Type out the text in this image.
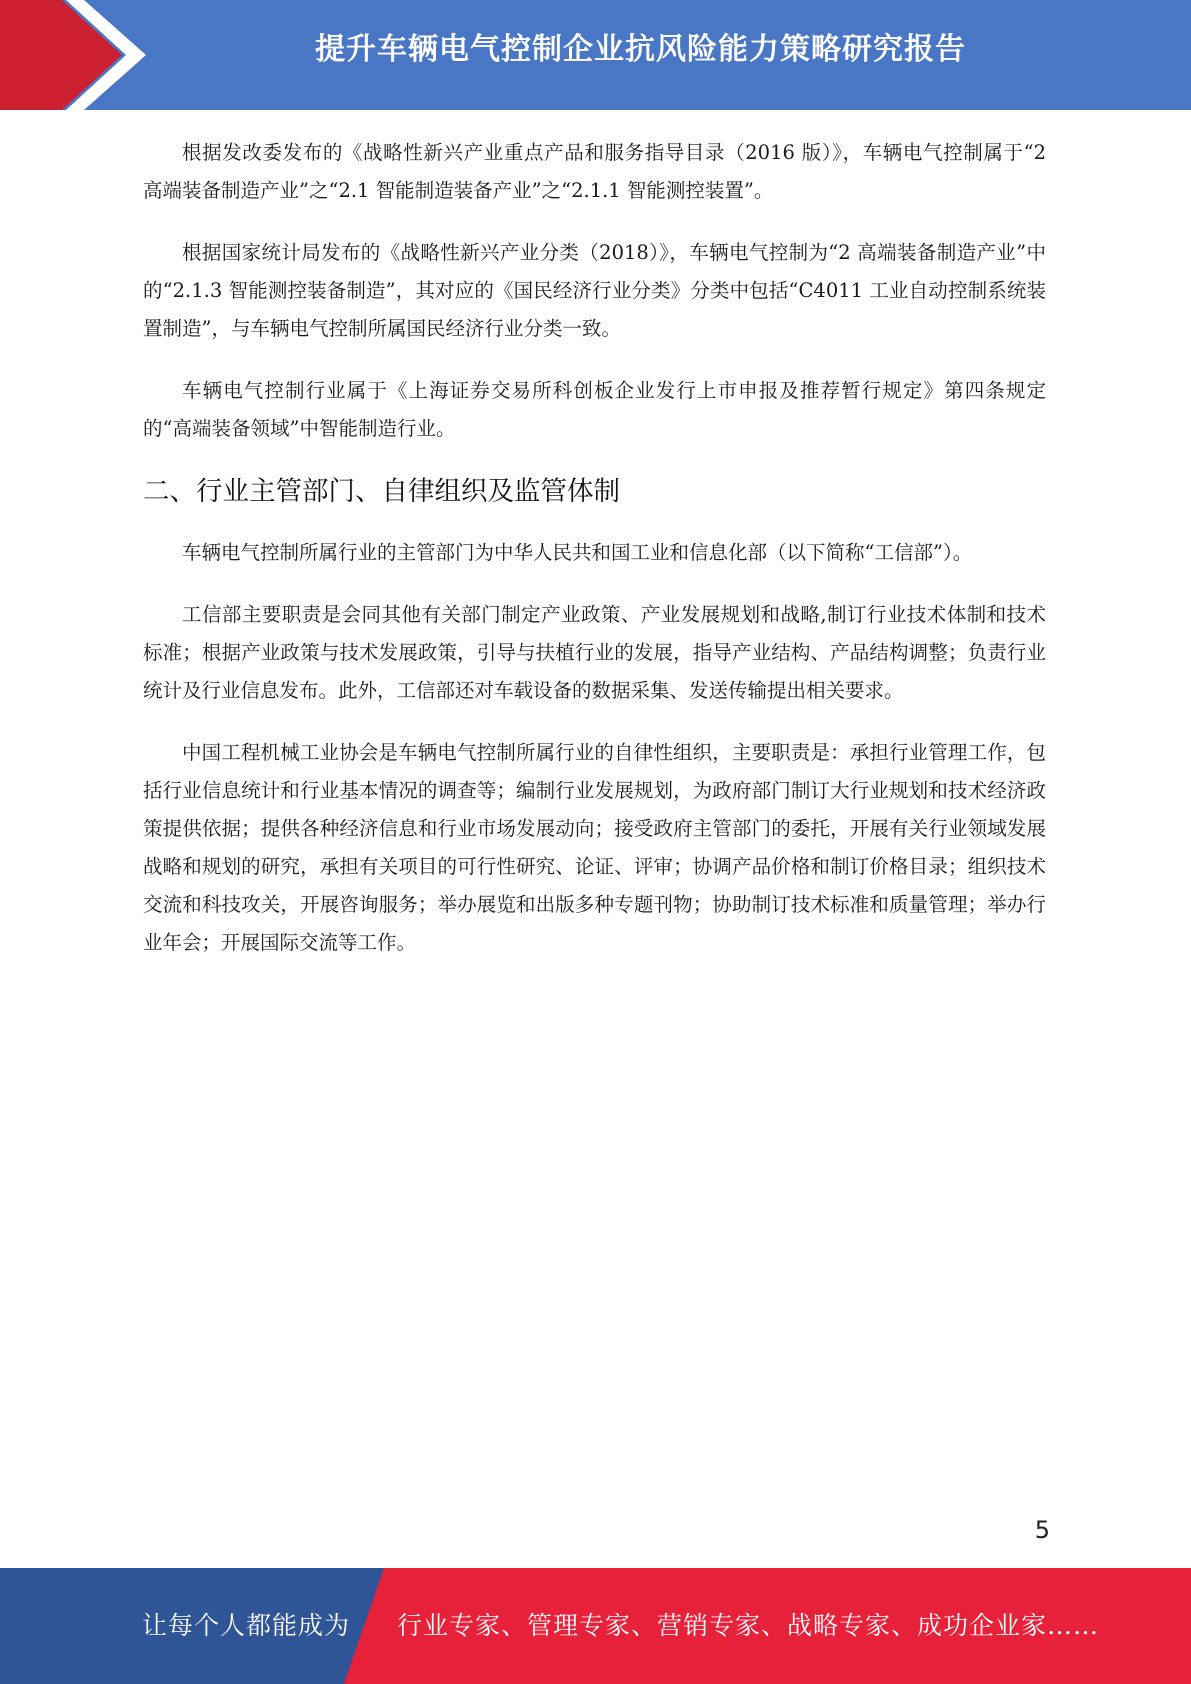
提升车辆电气控制企业抗风险能力策略研究报告

根据发改委发布的《战略性新兴产业重点产品和服务指导目录（2016 版）》，车辆电气控制属于“2 高端装备制造产业”之“2.1 智能制造装备产业”之“2.1.1 智能测控装置”。

根据国家统计局发布的《战略性新兴产业分类（2018）》，车辆电气控制为“2 高端装备制造产业”中的“2.1.3 智能测控装备制造”，其对应的《国民经济行业分类》分类中包括“C4011 工业自动控制系统装置制造”，与车辆电气控制所属国民经济行业分类一致。

车辆电气控制行业属于《上海证券交易所科创板企业发行上市申报及推荐暂行规定》第四条规定的“高端装备领域”中智能制造行业。

二、行业主管部门、自律组织及监管体制

车辆电气控制所属行业的主管部门为中华人民共和国工业和信息化部（以下简称“工信部”）。

工信部主要职责是会同其他有关部门制定产业政策、产业发展规划和战略,制订行业技术体制和技术标准；根据产业政策与技术发展政策，引导与扶植行业的发展，指导产业结构、产品结构调整；负责行业统计及行业信息发布。此外，工信部还对车载设备的数据采集、发送传输提出相关要求。

中国工程机械工业协会是车辆电气控制所属行业的自律性组织，主要职责是：承担行业管理工作，包括行业信息统计和行业基本情况的调查等；编制行业发展规划，为政府部门制订大行业规划和技术经济政策提供依据；提供各种经济信息和行业市场发展动向；接受政府主管部门的委托，开展有关行业领域发展战略和规划的研究，承担有关项目的可行性研究、论证、评审；协调产品价格和制订价格目录；组织技术交流和科技攻关，开展咨询服务；举办展览和出版多种专题刊物；协助制订技术标准和质量管理；举办行业年会；开展国际交流等工作。

5
让每个人都能成为 行业专家、管理专家、营销专家、战略专家、成功企业家……
